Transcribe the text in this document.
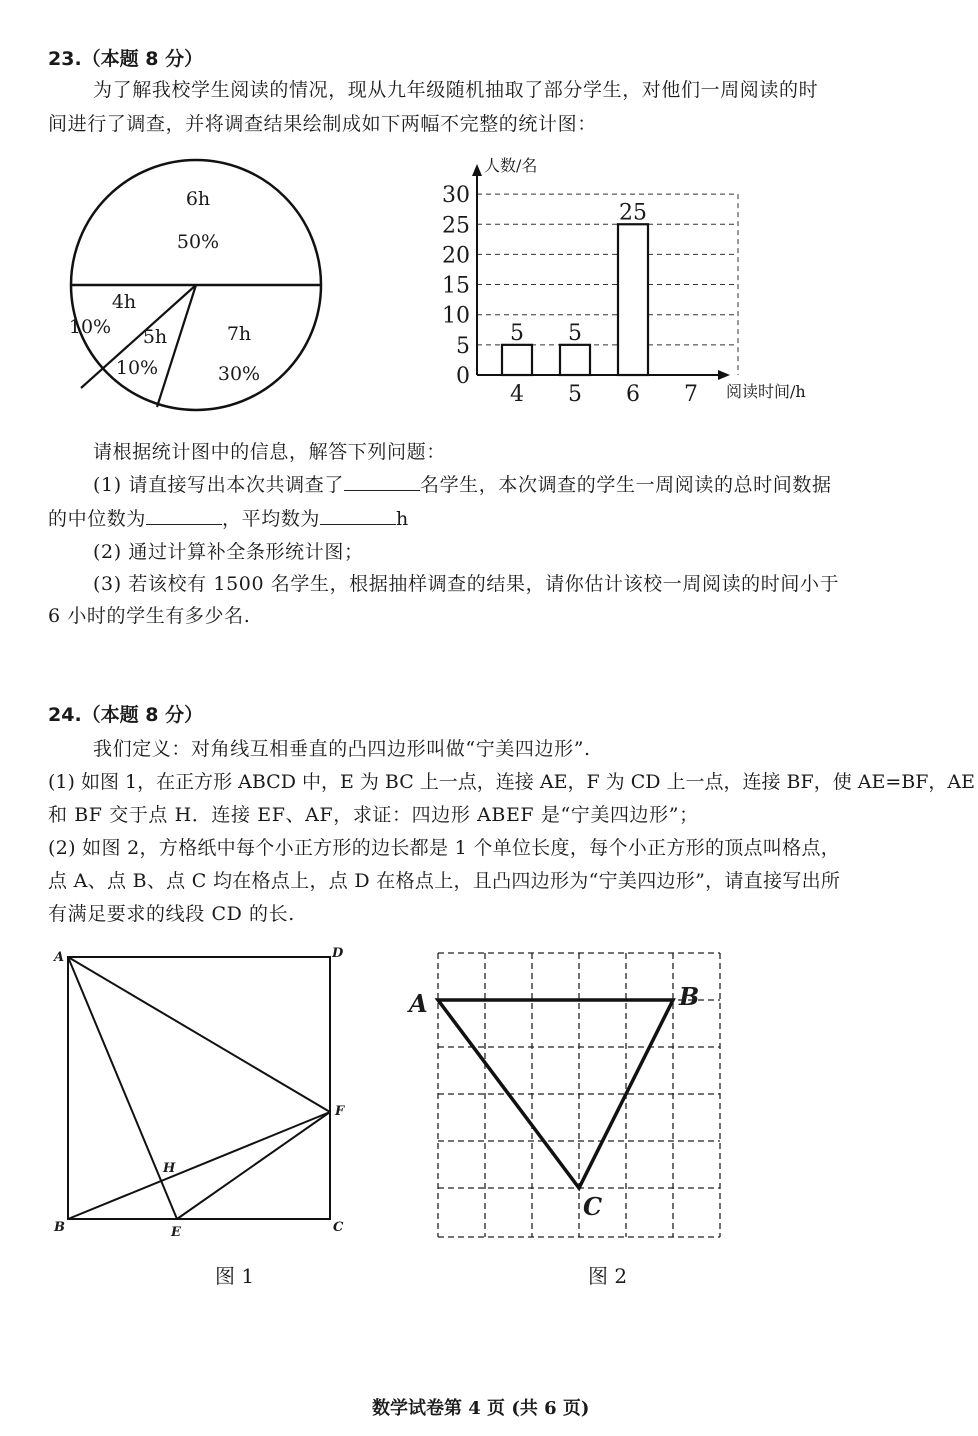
23.（本题 8 分）
为了解我校学生阅读的情况，现从九年级随机抽取了部分学生，对他们一周阅读的时
间进行了调查，并将调查结果绘制成如下两幅不完整的统计图：
6h
50%
4h
10% 5h
10%
7h
30%	0
5
10
15
20
25
30
5
4
5
5
25
6 7
人数/名
阅读时间/h
请根据统计图中的信息，解答下列问题：
(1) 请直接写出本次共调查了	名学生，本次调查的学生一周阅读的总时间数据
的中位数为	，平均数为	h
(2) 通过计算补全条形统计图；
(3) 若该校有 1500 名学生，根据抽样调查的结果，请你估计该校一周阅读的时间小于
6 小时的学生有多少名.
24.（本题 8 分）
我们定义：对角线互相垂直的凸四边形叫做“宁美四边形”.
(1) 如图 1，在正方形 ABCD 中，E 为 BC 上一点，连接 AE，F 为 CD 上一点，连接 BF，使 AE=BF，AE
和 BF 交于点 H．连接 EF、AF，求证：四边形 ABEF 是“宁美四边形”；
(2) 如图 2，方格纸中每个小正方形的边长都是 1 个单位长度，每个小正方形的顶点叫格点，
点 A、点 B、点 C 均在格点上，点 D 在格点上，且凸四边形为“宁美四边形”，请直接写出所
有满足要求的线段 CD 的长.
A	D
B	E	C
F
H
图 1
A	B
C
图 2
数学试卷第 4 页 (共 6 页)
